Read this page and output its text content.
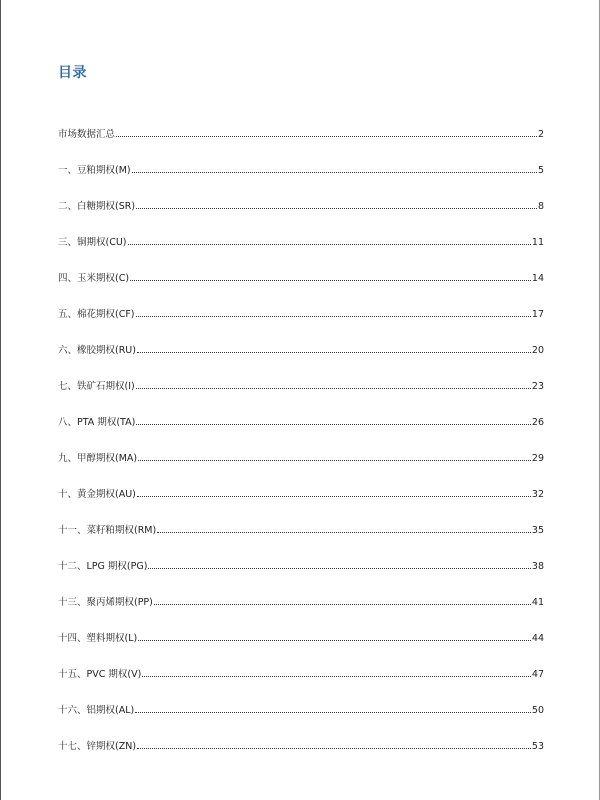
目录
市场数据汇总	2
一、豆粕期权(M)	5
二、白糖期权(SR)	8
三、铜期权(CU)	11
四、玉米期权(C)	14
五、棉花期权(CF)	17
六、橡胶期权(RU)	20
七、铁矿石期权(I)	23
八、PTA 期权(TA)	26
九、甲醇期权(MA)	29
十、黄金期权(AU)	32
十一、菜籽粕期权(RM)	35
十二、LPG 期权(PG)	38
十三、聚丙烯期权(PP)	41
十四、塑料期权(L)	44
十五、PVC 期权(V)	47
十六、铝期权(AL)	50
十七、锌期权(ZN)	53
